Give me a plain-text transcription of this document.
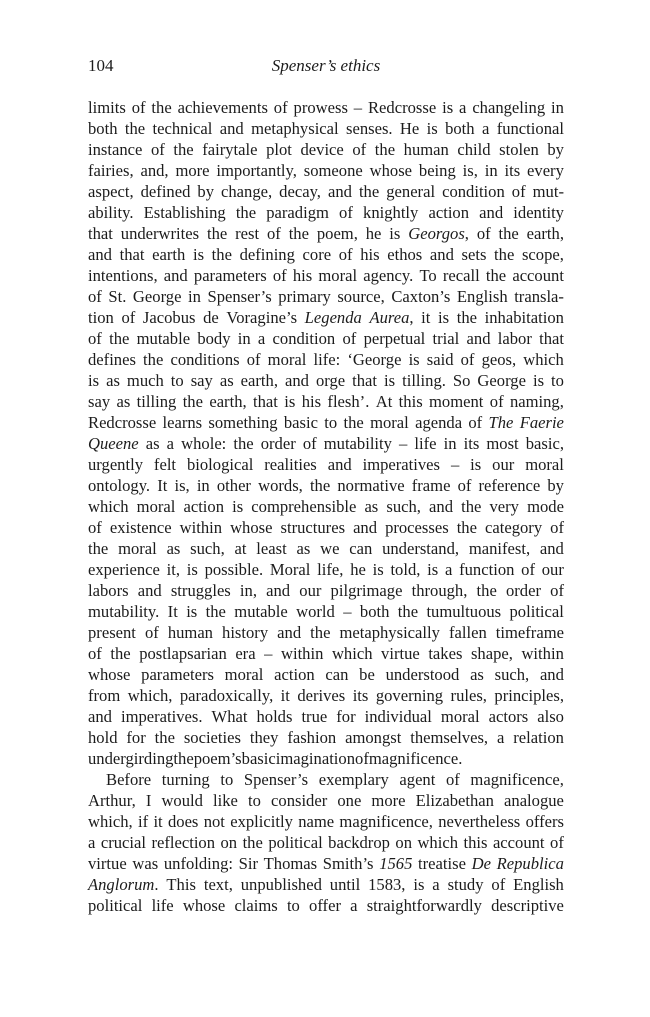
104	Spenser’s ethics
limits of the achievements of prowess – Redcrosse is a changeling in
both the technical and metaphysical senses. He is both a functional
instance of the fairytale plot device of the human child stolen by
fairies, and, more importantly, someone whose being is, in its every
aspect, defined by change, decay, and the general condition of mut-
ability. Establishing the paradigm of knightly action and identity
that underwrites the rest of the poem, he is Georgos, of the earth,
and that earth is the defining core of his ethos and sets the scope,
intentions, and parameters of his moral agency. To recall the account
of St. George in Spenser’s primary source, Caxton’s English transla-
tion of Jacobus de Voragine’s Legenda Aurea, it is the inhabitation
of the mutable body in a condition of perpetual trial and labor that
defines the conditions of moral life: ‘George is said of geos, which
is as much to say as earth, and orge that is tilling. So George is to
say as tilling the earth, that is his flesh’. At this moment of naming,
Redcrosse learns something basic to the moral agenda of The Faerie
Queene as a whole: the order of mutability – life in its most basic,
urgently felt biological realities and imperatives – is our moral
ontology. It is, in other words, the normative frame of reference by
which moral action is comprehensible as such, and the very mode
of existence within whose structures and processes the category of
the moral as such, at least as we can understand, manifest, and
experience it, is possible. Moral life, he is told, is a function of our
labors and struggles in, and our pilgrimage through, the order of
mutability. It is the mutable world – both the tumultuous political
present of human history and the metaphysically fallen timeframe
of the postlapsarian era – within which virtue takes shape, within
whose parameters moral action can be understood as such, and
from which, paradoxically, it derives its governing rules, principles,
and imperatives. What holds true for individual moral actors also
hold for the societies they fashion amongst themselves, a relation
undergirding the poem’s basic imagination of magnificence.
Before turning to Spenser’s exemplary agent of magnificence,
Arthur, I would like to consider one more Elizabethan analogue
which, if it does not explicitly name magnificence, nevertheless offers
a crucial reflection on the political backdrop on which this account of
virtue was unfolding: Sir Thomas Smith’s 1565 treatise De Republica
Anglorum. This text, unpublished until 1583, is a study of English
political life whose claims to offer a straightforwardly descriptive
